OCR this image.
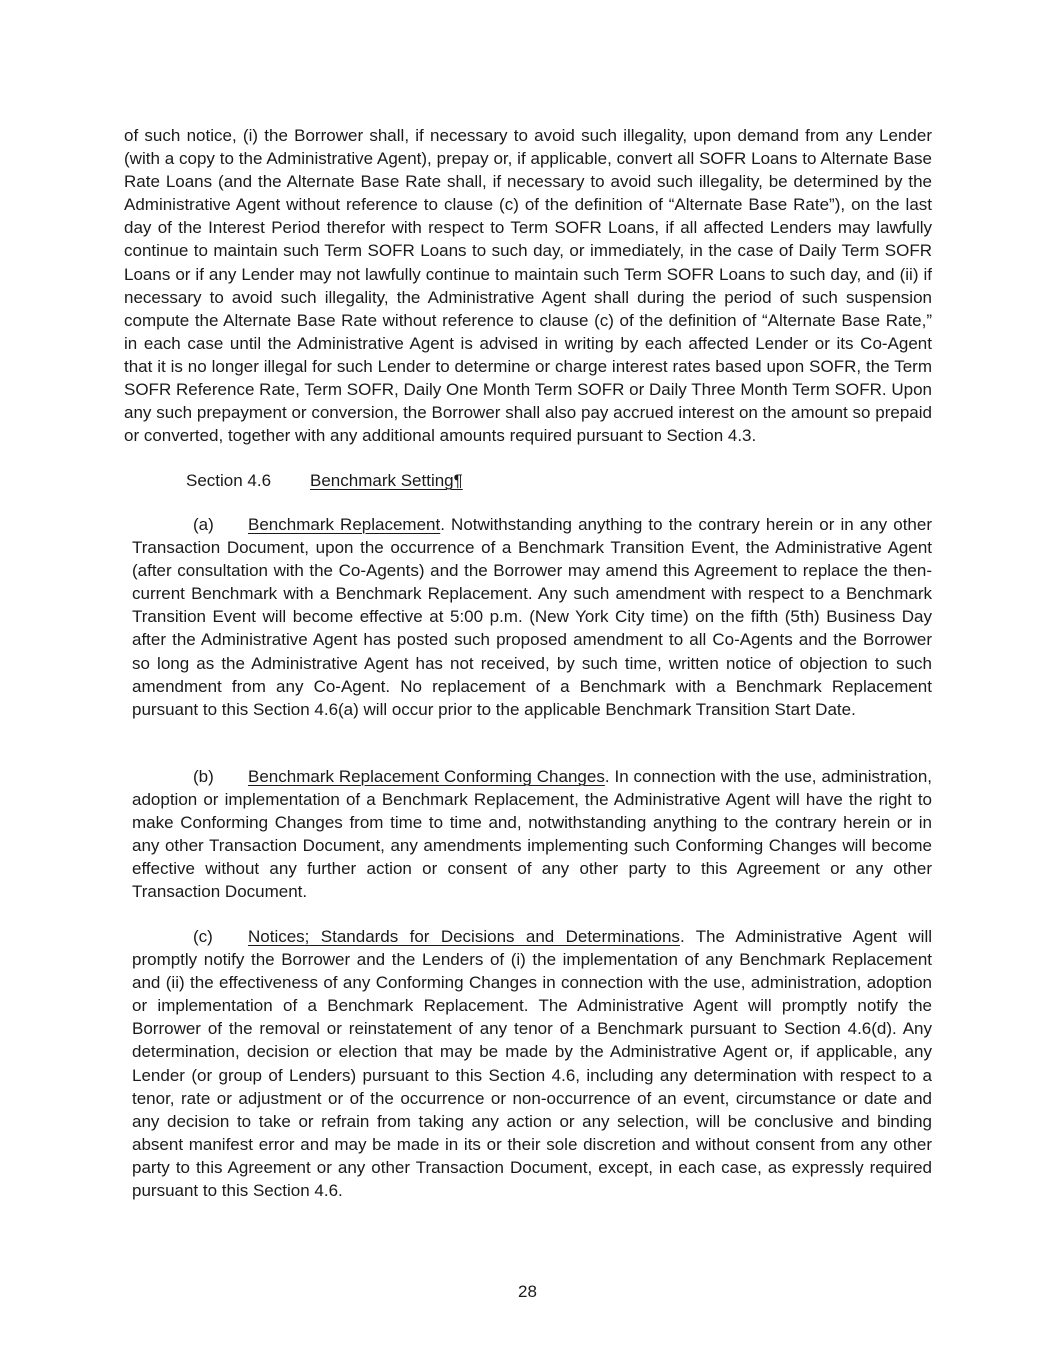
of such notice, (i) the Borrower shall, if necessary to avoid such illegality, upon demand from any Lender (with a copy to the Administrative Agent), prepay or, if applicable, convert all SOFR Loans to Alternate Base Rate Loans (and the Alternate Base Rate shall, if necessary to avoid such illegality, be determined by the Administrative Agent without reference to clause (c) of the definition of “Alternate Base Rate”), on the last day of the Interest Period therefor with respect to Term SOFR Loans, if all affected Lenders may lawfully continue to maintain such Term SOFR Loans to such day, or immediately, in the case of Daily Term SOFR Loans or if any Lender may not lawfully continue to maintain such Term SOFR Loans to such day, and (ii) if necessary to avoid such illegality, the Administrative Agent shall during the period of such suspension compute the Alternate Base Rate without reference to clause (c) of the definition of “Alternate Base Rate,” in each case until the Administrative Agent is advised in writing by each affected Lender or its Co-Agent that it is no longer illegal for such Lender to determine or charge interest rates based upon SOFR, the Term SOFR Reference Rate, Term SOFR, Daily One Month Term SOFR or Daily Three Month Term SOFR. Upon any such prepayment or conversion, the Borrower shall also pay accrued interest on the amount so prepaid or converted, together with any additional amounts required pursuant to Section 4.3.

Section 4.6 Benchmark Setting¶

(a) Benchmark Replacement. Notwithstanding anything to the contrary herein or in any other Transaction Document, upon the occurrence of a Benchmark Transition Event, the Administrative Agent (after consultation with the Co-Agents) and the Borrower may amend this Agreement to replace the then-current Benchmark with a Benchmark Replacement. Any such amendment with respect to a Benchmark Transition Event will become effective at 5:00 p.m. (New York City time) on the fifth (5th) Business Day after the Administrative Agent has posted such proposed amendment to all Co-Agents and the Borrower so long as the Administrative Agent has not received, by such time, written notice of objection to such amendment from any Co-Agent. No replacement of a Benchmark with a Benchmark Replacement pursuant to this Section 4.6(a) will occur prior to the applicable Benchmark Transition Start Date.

(b) Benchmark Replacement Conforming Changes. In connection with the use, administration, adoption or implementation of a Benchmark Replacement, the Administrative Agent will have the right to make Conforming Changes from time to time and, notwithstanding anything to the contrary herein or in any other Transaction Document, any amendments implementing such Conforming Changes will become effective without any further action or consent of any other party to this Agreement or any other Transaction Document.

(c) Notices; Standards for Decisions and Determinations. The Administrative Agent will promptly notify the Borrower and the Lenders of (i) the implementation of any Benchmark Replacement and (ii) the effectiveness of any Conforming Changes in connection with the use, administration, adoption or implementation of a Benchmark Replacement. The Administrative Agent will promptly notify the Borrower of the removal or reinstatement of any tenor of a Benchmark pursuant to Section 4.6(d). Any determination, decision or election that may be made by the Administrative Agent or, if applicable, any Lender (or group of Lenders) pursuant to this Section 4.6, including any determination with respect to a tenor, rate or adjustment or of the occurrence or non-occurrence of an event, circumstance or date and any decision to take or refrain from taking any action or any selection, will be conclusive and binding absent manifest error and may be made in its or their sole discretion and without consent from any other party to this Agreement or any other Transaction Document, except, in each case, as expressly required pursuant to this Section 4.6.

28
